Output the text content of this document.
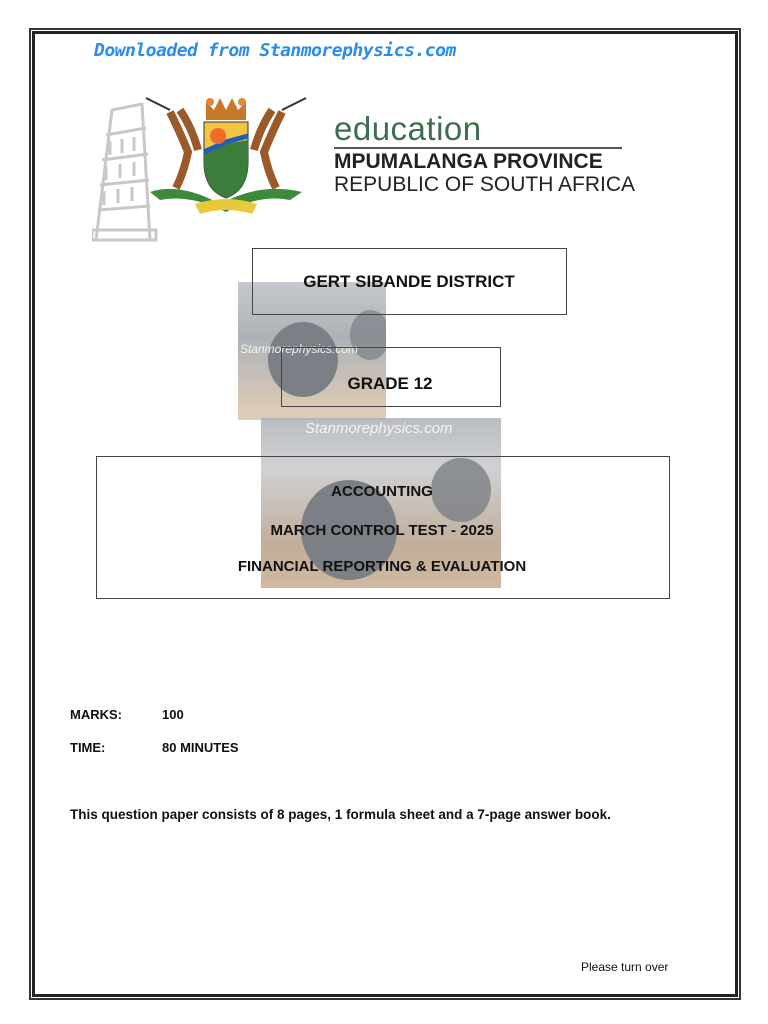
Downloaded from Stanmorephysics.com
education
MPUMALANGA PROVINCE
REPUBLIC OF SOUTH AFRICA
Stanmorephysics.com
Stanmorephysics.com
GERT SIBANDE DISTRICT
GRADE 12
ACCOUNTING
MARCH CONTROL TEST - 2025
FINANCIAL REPORTING & EVALUATION
MARKS:	100
TIME:	80 MINUTES
This question paper consists of 8 pages, 1 formula sheet and a 7-page answer book.
Please turn over
